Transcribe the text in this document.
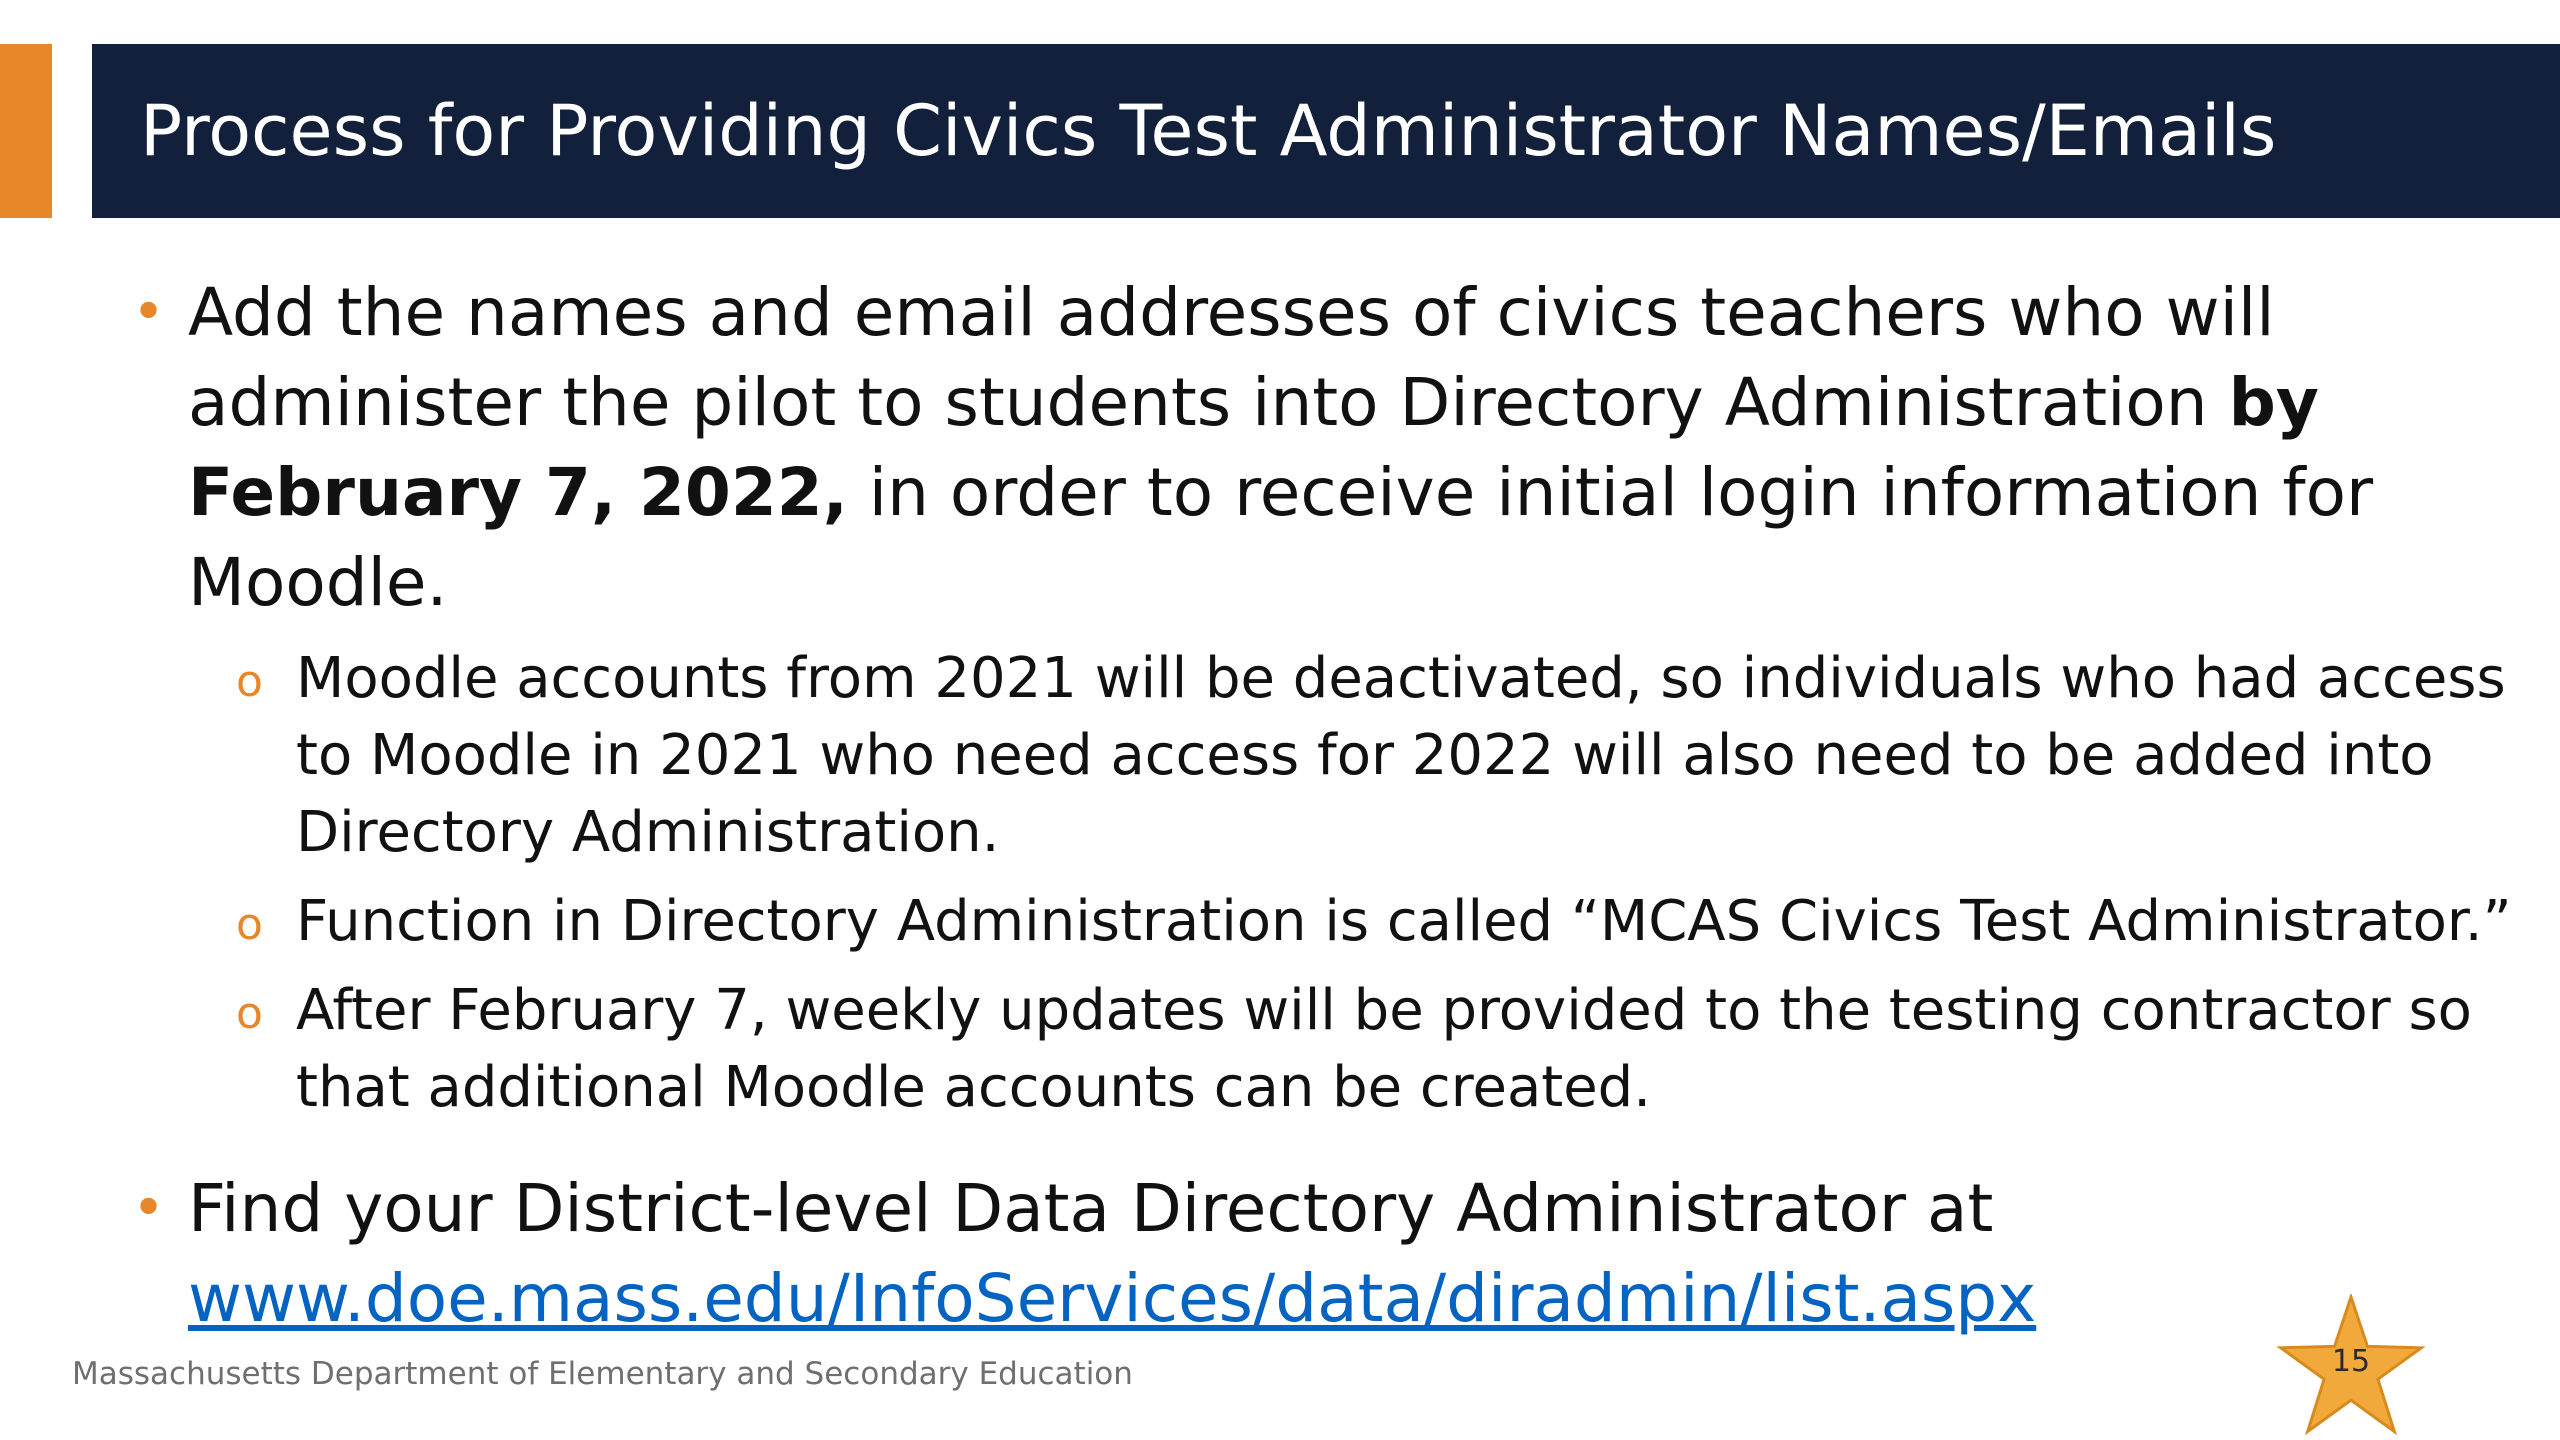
Process for Providing Civics Test Administrator Names/Emails
• Add the names and email addresses of civics teachers who will administer the pilot to students into Directory Administration by February 7, 2022, in order to receive initial login information for Moodle.
o Moodle accounts from 2021 will be deactivated, so individuals who had access to Moodle in 2021 who need access for 2022 will also need to be added into Directory Administration.
o Function in Directory Administration is called “MCAS Civics Test Administrator.”
o After February 7, weekly updates will be provided to the testing contractor so that additional Moodle accounts can be created.
• Find your District-level Data Directory Administrator at
www.doe.mass.edu/InfoServices/data/diradmin/list.aspx
Massachusetts Department of Elementary and Secondary Education	15
